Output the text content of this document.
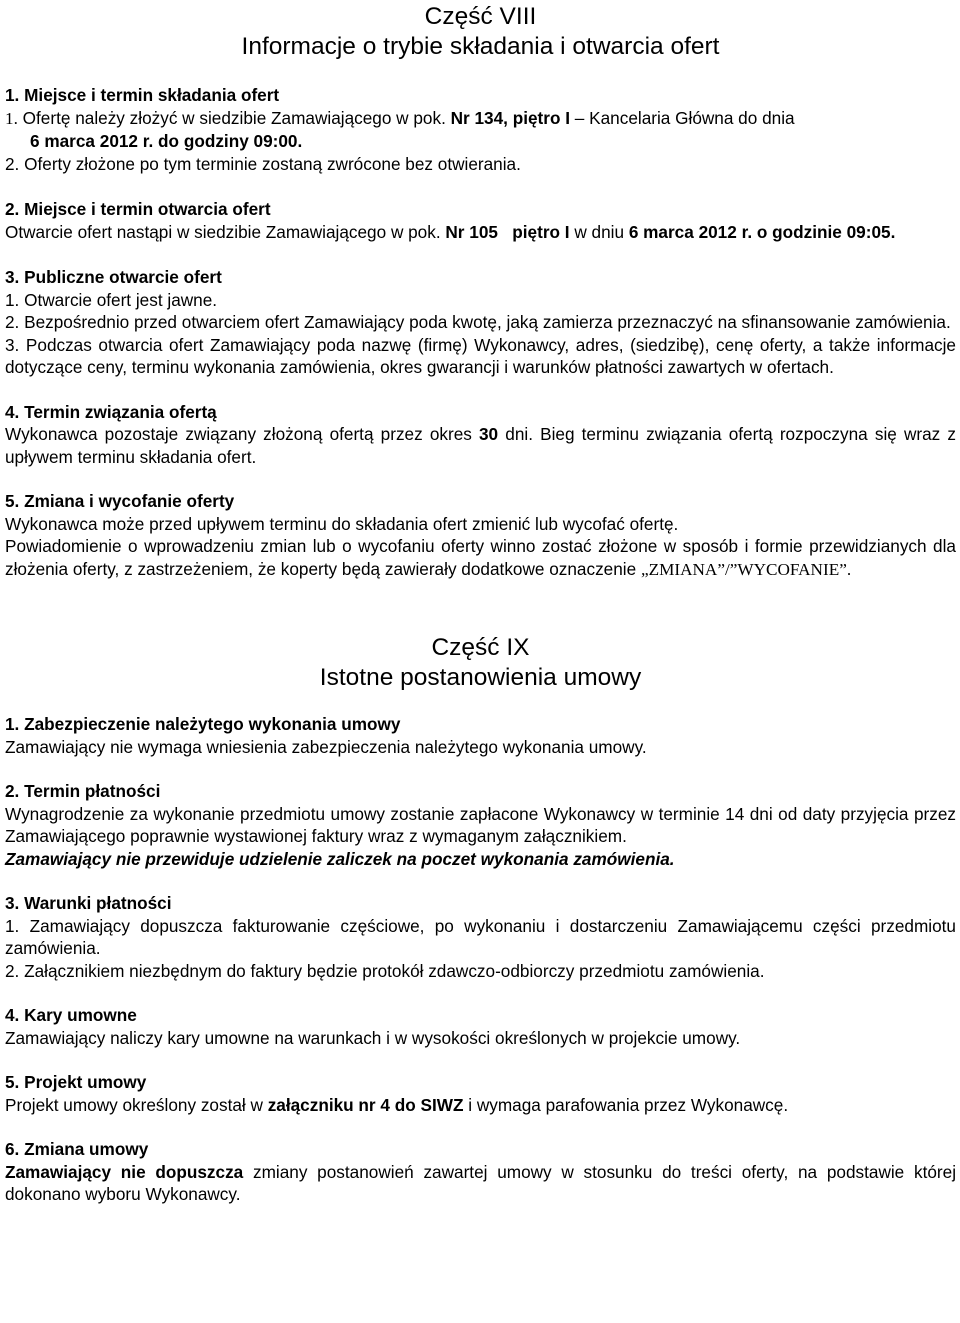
Część VIII
Informacje o trybie składania i otwarcia ofert
1. Miejsce i termin składania ofert

1. Ofertę należy złożyć w siedzibie Zamawiającego w pok. Nr 134, piętro I – Kancelaria Główna do dnia

6 marca 2012 r. do godziny 09:00.

2. Oferty złożone po tym terminie zostaną zwrócone bez otwierania.

2. Miejsce i termin otwarcia ofert

Otwarcie ofert nastąpi w siedzibie Zamawiającego w pok. Nr 105   piętro I w dniu 6 marca 2012 r. o godzinie 09:05.

3. Publiczne otwarcie ofert

1. Otwarcie ofert jest jawne.

2. Bezpośrednio przed otwarciem ofert Zamawiający poda kwotę, jaką zamierza przeznaczyć na sfinansowanie zamówienia.

3. Podczas otwarcia ofert Zamawiający poda nazwę (firmę) Wykonawcy, adres, (siedzibę), cenę oferty, a także informacje dotyczące ceny, terminu wykonania zamówienia, okres gwarancji i warunków płatności zawartych w ofertach.

4. Termin związania ofertą

Wykonawca pozostaje związany złożoną ofertą przez okres 30 dni. Bieg terminu związania ofertą rozpoczyna się wraz z upływem terminu składania ofert.

5. Zmiana i wycofanie oferty

Wykonawca może przed upływem terminu do składania ofert zmienić lub wycofać ofertę.

Powiadomienie o wprowadzeniu zmian lub o wycofaniu oferty winno zostać złożone w sposób i formie przewidzianych dla złożenia oferty, z zastrzeżeniem, że koperty będą zawierały dodatkowe oznaczenie „ZMIANA”/”WYCOFANIE”.

Część IX
Istotne postanowienia umowy
1. Zabezpieczenie należytego wykonania umowy

Zamawiający nie wymaga wniesienia zabezpieczenia należytego wykonania umowy.

2. Termin płatności

Wynagrodzenie za wykonanie przedmiotu umowy zostanie zapłacone Wykonawcy w terminie 14 dni od daty przyjęcia przez Zamawiającego poprawnie wystawionej faktury wraz z wymaganym załącznikiem.

Zamawiający nie przewiduje udzielenie zaliczek na poczet wykonania zamówienia.

3. Warunki płatności

1. Zamawiający dopuszcza fakturowanie częściowe, po wykonaniu i dostarczeniu Zamawiającemu części przedmiotu zamówienia.

2. Załącznikiem niezbędnym do faktury będzie protokół zdawczo-odbiorczy przedmiotu zamówienia.

4. Kary umowne

Zamawiający naliczy kary umowne na warunkach i w wysokości określonych w projekcie umowy.

5. Projekt umowy

Projekt umowy określony został w załączniku nr 4 do SIWZ i wymaga parafowania przez Wykonawcę.

6. Zmiana umowy

Zamawiający nie dopuszcza zmiany postanowień zawartej umowy w stosunku do treści oferty, na podstawie której dokonano wyboru Wykonawcy.
